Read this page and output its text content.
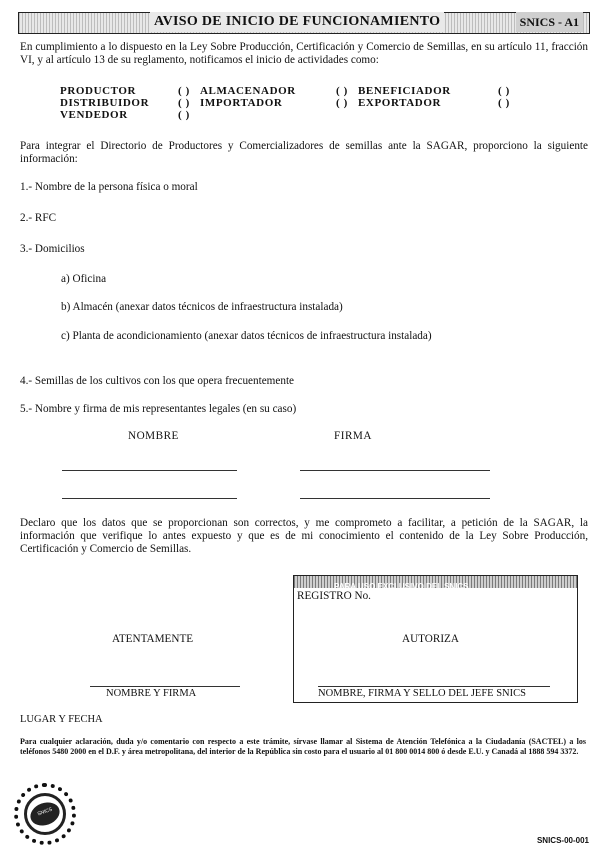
AVISO DE INICIO DE FUNCIONAMIENTO	SNICS - A1
En cumplimiento a lo dispuesto en la Ley Sobre Producción, Certificación y Comercio de Semillas, en su artículo 11, fracción VI, y al artículo 13 de su reglamento, notificamos el inicio de actividades como:
PRODUCTOR	( ) ALMACENADOR	( ) BENEFICIADOR	( )
DISTRIBUIDOR	( ) IMPORTADOR	( ) EXPORTADOR	( )
VENDEDOR	( )
Para integrar el Directorio de Productores y Comercializadores de semillas ante la SAGAR, proporciono la siguiente información:
1.- Nombre de la persona física o moral
2.- RFC
3.- Domicilios
a) Oficina
b) Almacén (anexar datos técnicos de infraestructura instalada)
c) Planta de acondicionamiento (anexar datos técnicos de infraestructura instalada)
4.- Semillas de los cultivos con los que opera frecuentemente
5.- Nombre y firma de mis representantes legales (en su caso)
NOMBRE	FIRMA
Declaro que los datos que se proporcionan son correctos, y me comprometo a facilitar, a petición de la SAGAR, la información que verifique lo antes expuesto y que es de mi conocimiento el contenido de la Ley Sobre Producción, Certificación y Comercio de Semillas.
PARA USO EXCLUSIVO DEL SNICS
REGISTRO No.
AUTORIZA
NOMBRE, FIRMA Y SELLO DEL JEFE SNICS
ATENTAMENTE
NOMBRE Y FIRMA
LUGAR Y FECHA
Para cualquier aclaración, duda y/o comentario con respecto a este trámite, sírvase llamar al Sistema de Atención Telefónica a la Ciudadanía (SACTEL) a los teléfonos 5480 2000 en el D.F. y área metropolitana, del interior de la República sin costo para el usuario al 01 800 0014 800 ó desde E.U. y Canadá al 1888 594 3372.
SNICS
SNICS-00-001
